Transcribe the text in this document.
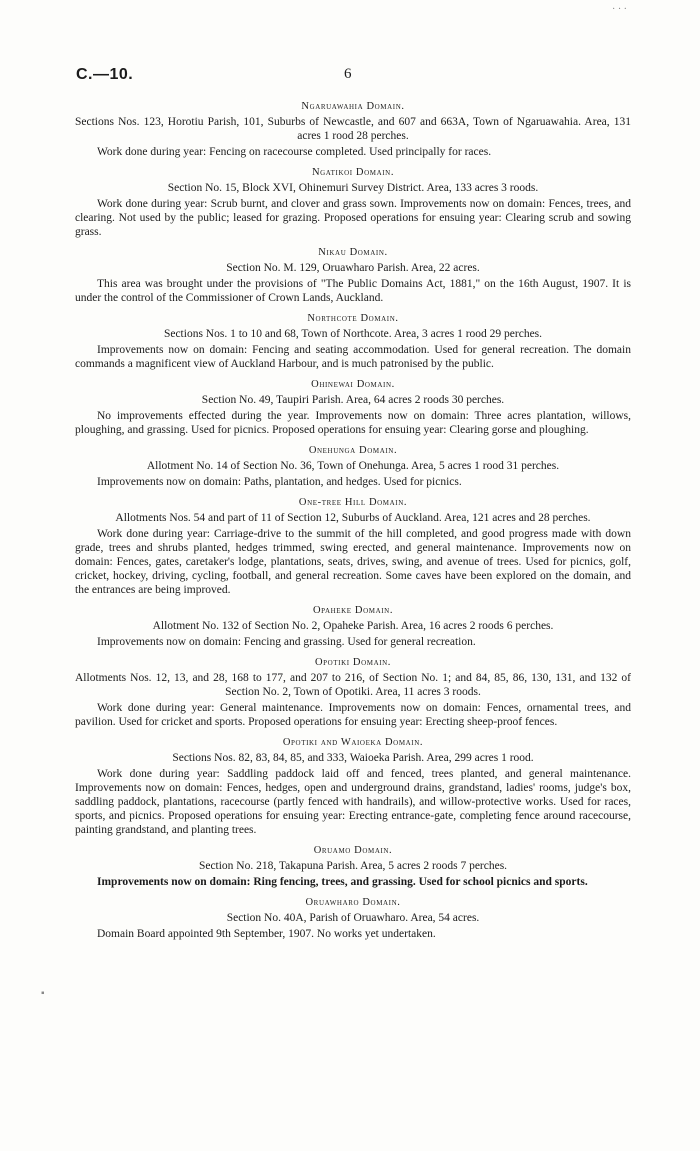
C.—10.	6

Ngaruawahia Domain.

Sections Nos. 123, Horotiu Parish, 101, Suburbs of Newcastle, and 607 and 663A, Town of Ngaruawahia. Area, 131 acres 1 rood 28 perches.

Work done during year: Fencing on racecourse completed. Used principally for races.

Ngatikoi Domain.

Section No. 15, Block XVI, Ohinemuri Survey District. Area, 133 acres 3 roods.

Work done during year: Scrub burnt, and clover and grass sown. Improvements now on domain: Fences, trees, and clearing. Not used by the public; leased for grazing. Proposed operations for ensuing year: Clearing scrub and sowing grass.

Nikau Domain.

Section No. M. 129, Oruawharo Parish. Area, 22 acres.

This area was brought under the provisions of "The Public Domains Act, 1881," on the 16th August, 1907. It is under the control of the Commissioner of Crown Lands, Auckland.

Northcote Domain.

Sections Nos. 1 to 10 and 68, Town of Northcote. Area, 3 acres 1 rood 29 perches.

Improvements now on domain: Fencing and seating accommodation. Used for general recreation. The domain commands a magnificent view of Auckland Harbour, and is much patronised by the public.

Ohinewai Domain.

Section No. 49, Taupiri Parish. Area, 64 acres 2 roods 30 perches.

No improvements effected during the year. Improvements now on domain: Three acres plantation, willows, ploughing, and grassing. Used for picnics. Proposed operations for ensuing year: Clearing gorse and ploughing.

Onehunga Domain.

Allotment No. 14 of Section No. 36, Town of Onehunga. Area, 5 acres 1 rood 31 perches.

Improvements now on domain: Paths, plantation, and hedges. Used for picnics.

One-tree Hill Domain.

Allotments Nos. 54 and part of 11 of Section 12, Suburbs of Auckland. Area, 121 acres and 28 perches.

Work done during year: Carriage-drive to the summit of the hill completed, and good progress made with down grade, trees and shrubs planted, hedges trimmed, swing erected, and general maintenance. Improvements now on domain: Fences, gates, caretaker's lodge, plantations, seats, drives, swing, and avenue of trees. Used for picnics, golf, cricket, hockey, driving, cycling, football, and general recreation. Some caves have been explored on the domain, and the entrances are being improved.

Opaheke Domain.

Allotment No. 132 of Section No. 2, Opaheke Parish. Area, 16 acres 2 roods 6 perches.

Improvements now on domain: Fencing and grassing. Used for general recreation.

Opotiki Domain.

Allotments Nos. 12, 13, and 28, 168 to 177, and 207 to 216, of Section No. 1; and 84, 85, 86, 130, 131, and 132 of Section No. 2, Town of Opotiki. Area, 11 acres 3 roods.

Work done during year: General maintenance. Improvements now on domain: Fences, ornamental trees, and pavilion. Used for cricket and sports. Proposed operations for ensuing year: Erecting sheep-proof fences.

Opotiki and Waioeka Domain.

Sections Nos. 82, 83, 84, 85, and 333, Waioeka Parish. Area, 299 acres 1 rood.

Work done during year: Saddling paddock laid off and fenced, trees planted, and general maintenance. Improvements now on domain: Fences, hedges, open and underground drains, grandstand, ladies' rooms, judge's box, saddling paddock, plantations, racecourse (partly fenced with handrails), and willow-protective works. Used for races, sports, and picnics. Proposed operations for ensuing year: Erecting entrance-gate, completing fence around racecourse, painting grandstand, and planting trees.

Oruamo Domain.

Section No. 218, Takapuna Parish. Area, 5 acres 2 roods 7 perches.

Improvements now on domain: Ring fencing, trees, and grassing. Used for school picnics and sports.

Oruawharo Domain.

Section No. 40A, Parish of Oruawharo. Area, 54 acres.

Domain Board appointed 9th September, 1907. No works yet undertaken.

· · ·
▪
